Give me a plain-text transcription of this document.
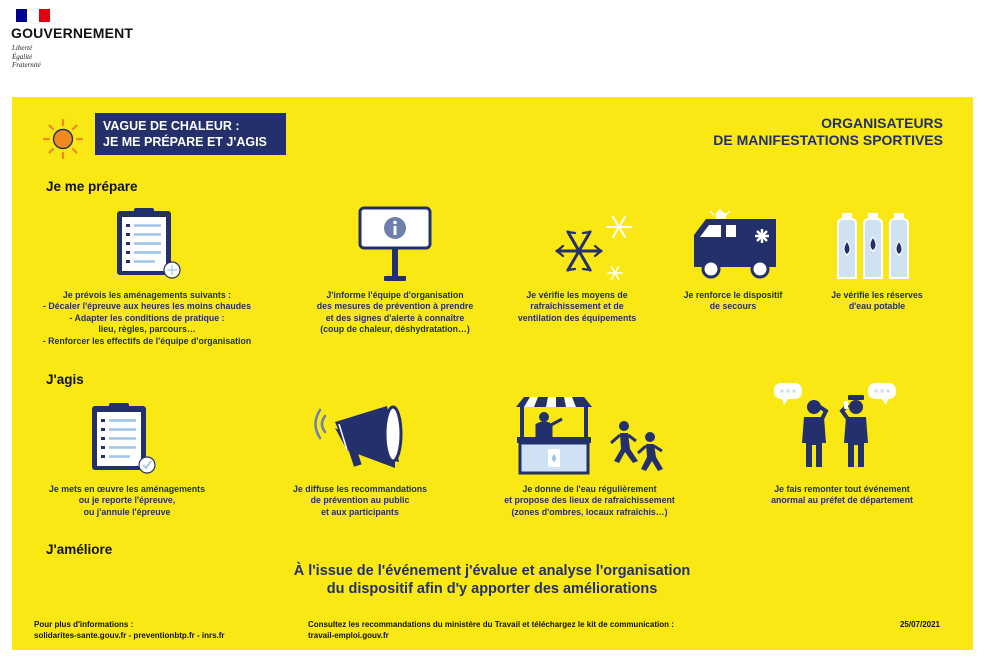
GOUVERNEMENT
Liberté
Égalité
Fraternité
VAGUE DE CHALEUR :
JE ME PRÉPARE ET J'AGIS
ORGANISATEURS
DE MANIFESTATIONS SPORTIVES
Je me prépare
Je prévois les aménagements suivants :
- Décaler l'épreuve aux heures les moins chaudes
- Adapter les conditions de pratique :
lieu, règles, parcours…
- Renforcer les effectifs de l'équipe d'organisation
J'informe l'équipe d'organisation
des mesures de prévention à prendre
et des signes d'alerte à connaître
(coup de chaleur, déshydratation…)
Je vérifie les moyens de
rafraîchissement et de
ventilation des équipements
Je renforce le dispositif
de secours
Je vérifie les réserves
d'eau potable
J'agis
Je mets en œuvre les aménagements
ou je reporte l'épreuve,
ou j'annule l'épreuve
Je diffuse les recommandations
de prévention au public
et aux participants
Je donne de l'eau régulièrement
et propose des lieux de rafraîchissement
(zones d'ombres, locaux rafraîchis…)
Je fais remonter tout événement
anormal au préfet de département
J'améliore
À l'issue de l'événement j'évalue et analyse l'organisation
du dispositif afin d'y apporter des améliorations
Pour plus d'informations :
solidarites-sante.gouv.fr - preventionbtp.fr - inrs.fr
Consultez les recommandations du ministère du Travail et téléchargez le kit de communication :
travail-emploi.gouv.fr
25/07/2021
